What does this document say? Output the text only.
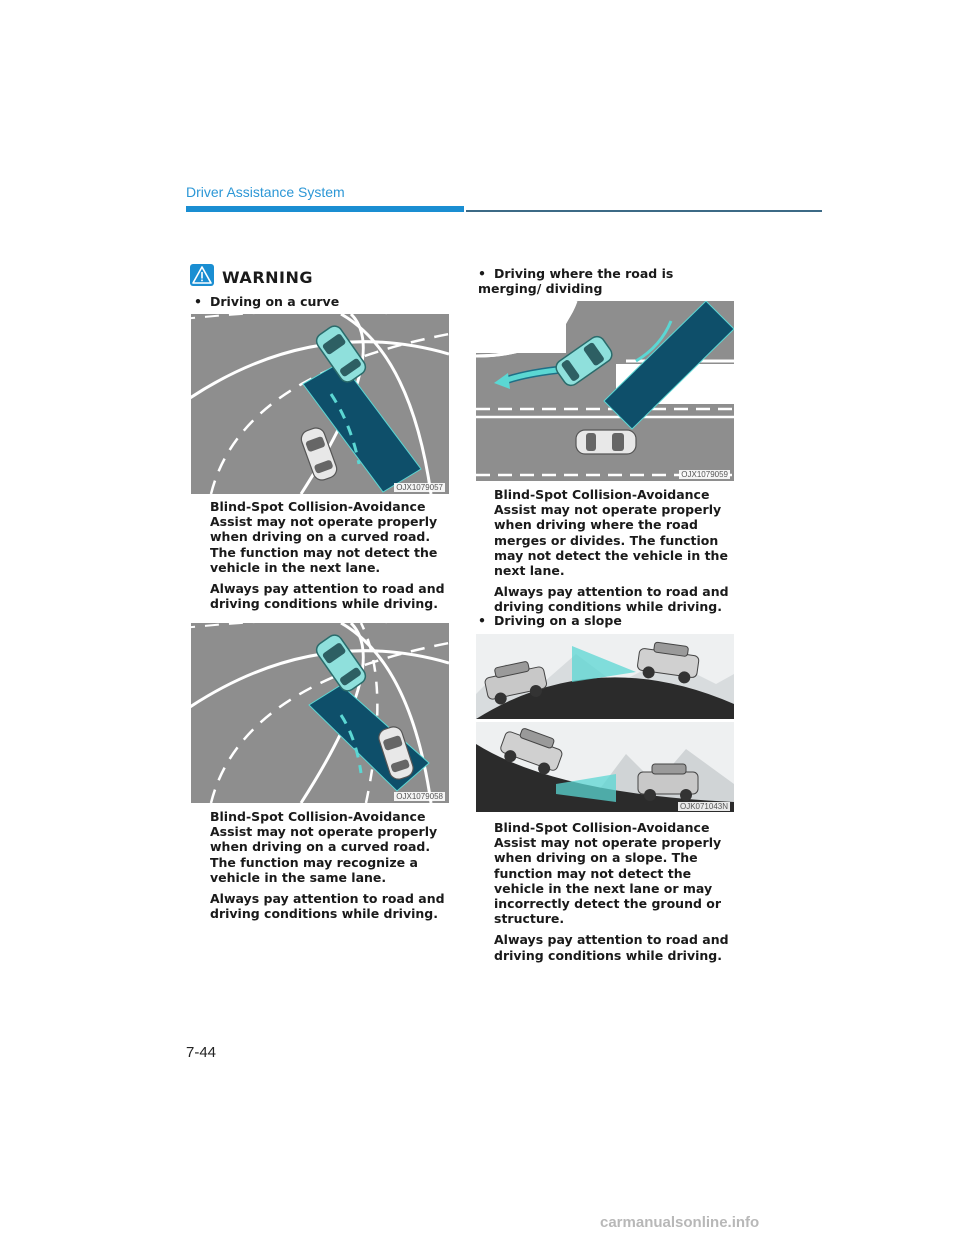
Driver Assistance System
WARNING
• Driving on a curve
OJX1079057

Blind-Spot Collision-Avoidance Assist may not operate properly when driving on a curved road. The function may not detect the vehicle in the next lane.

Always pay attention to road and driving conditions while driving.

OJX1079058

Blind-Spot Collision-Avoidance Assist may not operate properly when driving on a curved road. The function may recognize a vehicle in the same lane.

Always pay attention to road and driving conditions while driving.

• Driving where the road is merging/ dividing
OJX1079059

Blind-Spot Collision-Avoidance Assist may not operate properly when driving where the road merges or divides. The function may not detect the vehicle in the next lane.

Always pay attention to road and driving conditions while driving.

• Driving on a slope
OJK071043N

Blind-Spot Collision-Avoidance Assist may not operate properly when driving on a slope. The function may not detect the vehicle in the next lane or may incorrectly detect the ground or structure.

Always pay attention to road and driving conditions while driving.

7-44
carmanualsonline.info
